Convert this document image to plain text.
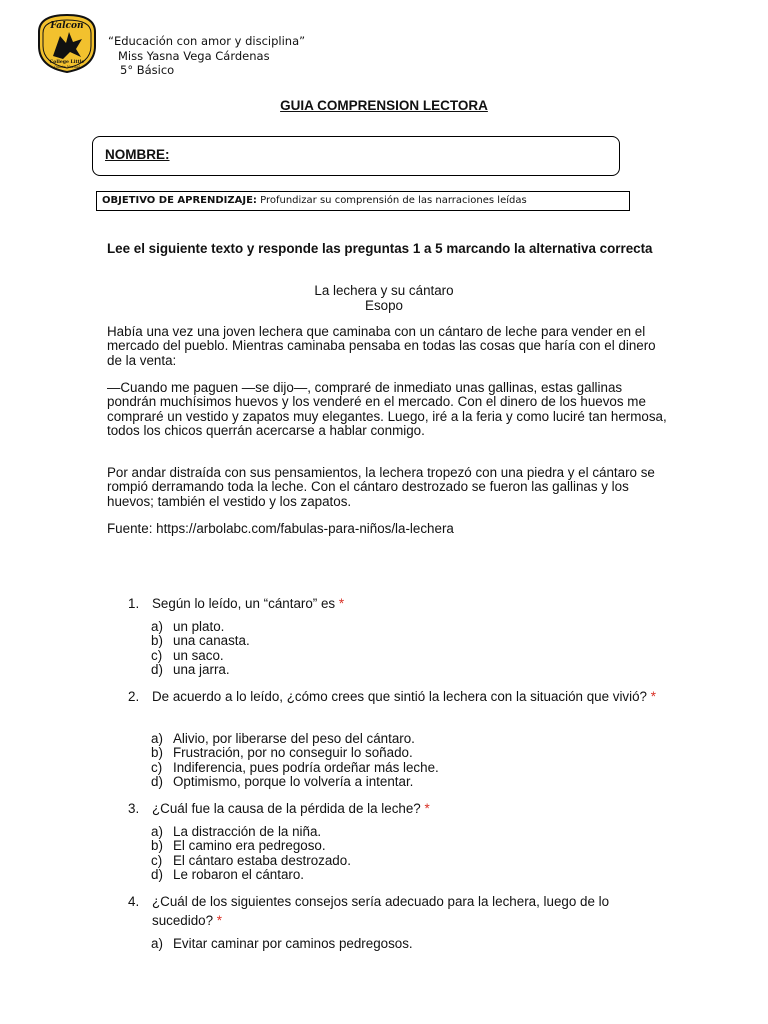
Falcon
College Little
Quinta Normal
“Educación con amor y disciplina”
Miss Yasna Vega Cárdenas
5° Básico
GUIA COMPRENSION LECTORA
NOMBRE:
OBJETIVO DE APRENDIZAJE: Profundizar su comprensión de las narraciones leídas
Lee el siguiente texto y responde las preguntas 1 a 5 marcando la alternativa correcta
La lechera y su cántaro
Esopo

Había una vez una joven lechera que caminaba con un cántaro de leche para vender en el mercado del pueblo. Mientras caminaba pensaba en todas las cosas que haría con el dinero de la venta:

—Cuando me paguen —se dijo—, compraré de inmediato unas gallinas, estas gallinas pondrán muchísimos huevos y los venderé en el mercado. Con el dinero de los huevos me compraré un vestido y zapatos muy elegantes. Luego, iré a la feria y como luciré tan hermosa, todos los chicos querrán acercarse a hablar conmigo.

Por andar distraída con sus pensamientos, la lechera tropezó con una piedra y el cántaro se rompió derramando toda la leche. Con el cántaro destrozado se fueron las gallinas y los huevos; también el vestido y los zapatos.

Fuente: https://arbolabc.com/fabulas-para-niños/la-lechera

1. Según lo leído, un “cántaro” es *
a) un plato.
b) una canasta.
c) un saco.
d) una jarra.
2. De acuerdo a lo leído, ¿cómo crees que sintió la lechera con la situación que vivió? *
a) Alivio, por liberarse del peso del cántaro.
b) Frustración, por no conseguir lo soñado.
c) Indiferencia, pues podría ordeñar más leche.
d) Optimismo, porque lo volvería a intentar.
3. ¿Cuál fue la causa de la pérdida de la leche? *
a) La distracción de la niña.
b) El camino era pedregoso.
c) El cántaro estaba destrozado.
d) Le robaron el cántaro.
4. ¿Cuál de los siguientes consejos sería adecuado para la lechera, luego de lo sucedido? *
a) Evitar caminar por caminos pedregosos.
